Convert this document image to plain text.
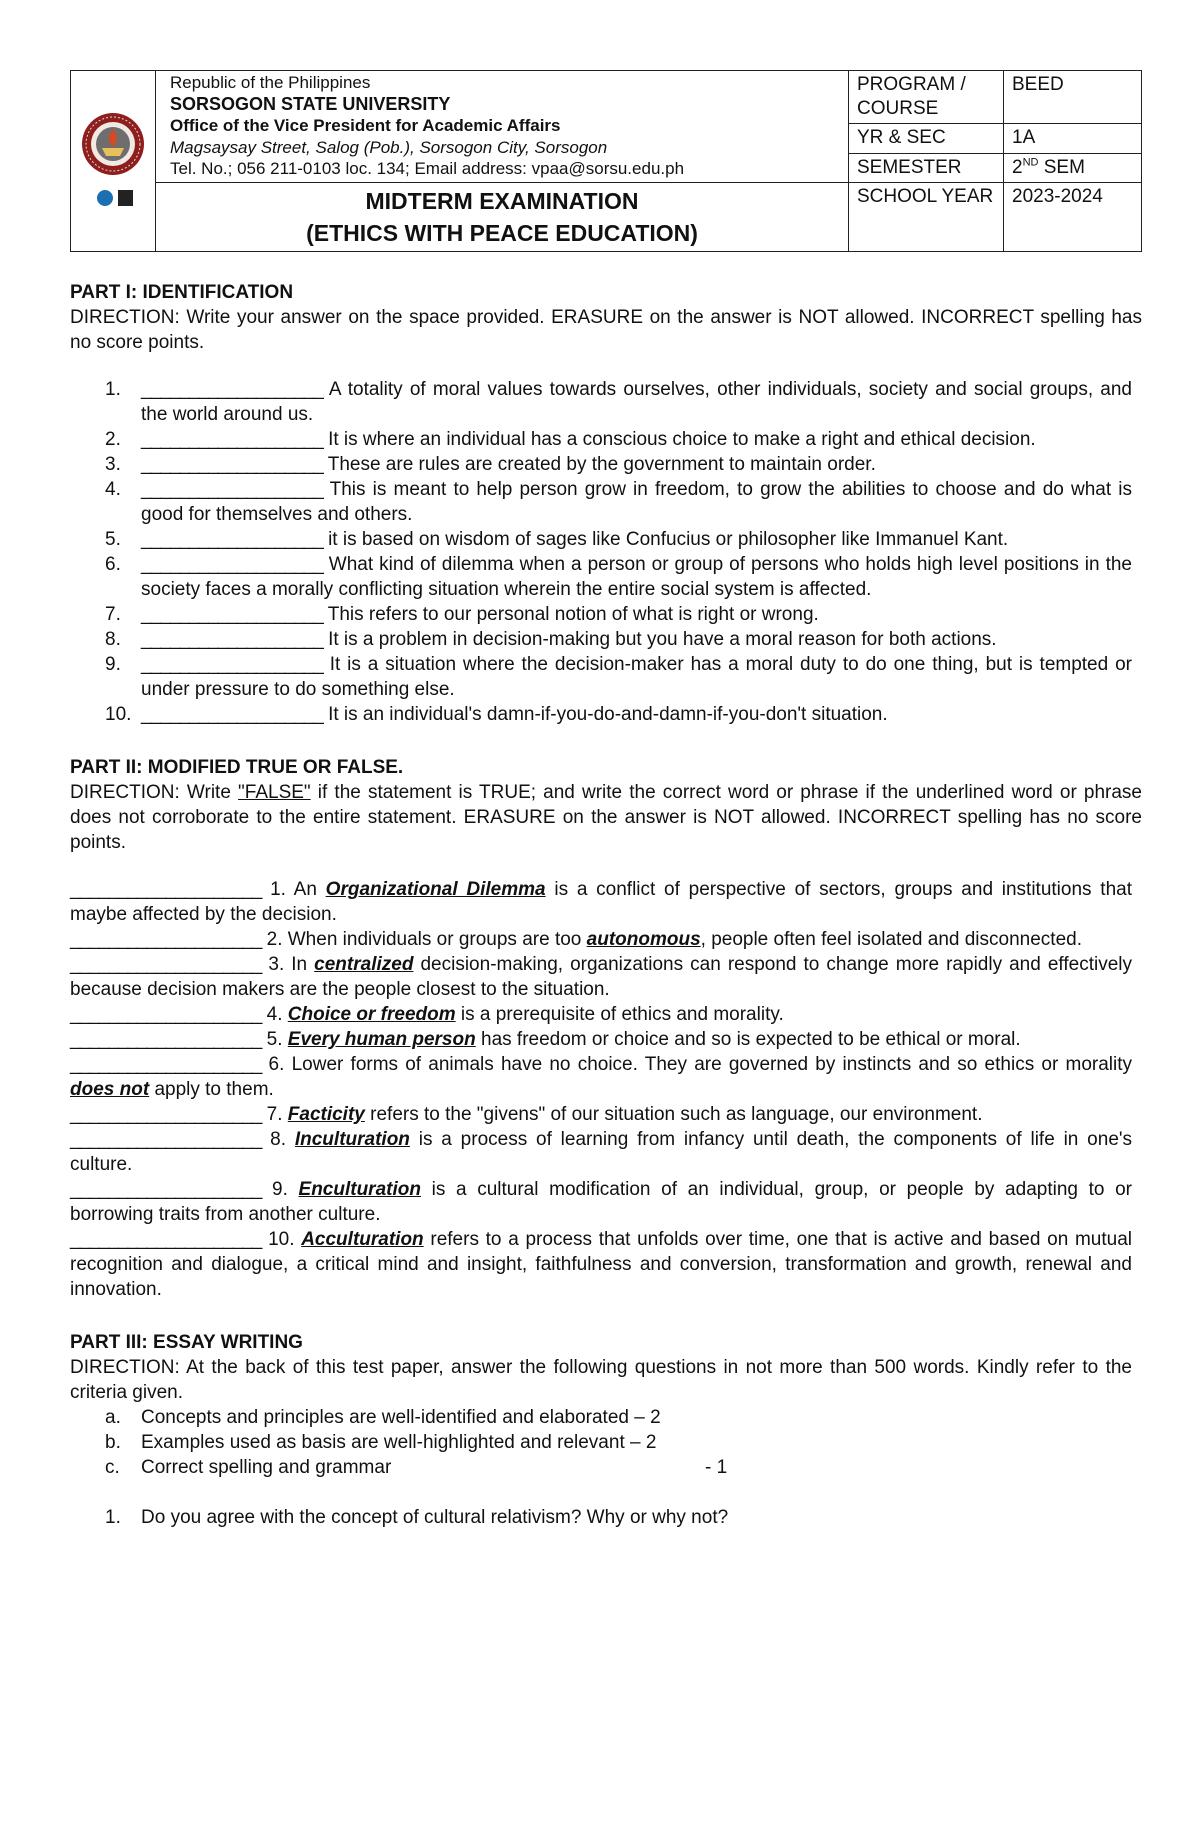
Republic of the Philippines
SORSOGON STATE UNIVERSITY
Office of the Vice President for Academic Affairs
Magsaysay Street, Salog (Pob.), Sorsogon City, Sorsogon
Tel. No.; 056 211-0103 loc. 134; Email address: vpaa@sorsu.edu.ph	PROGRAM / COURSE	BEED
		YR & SEC	1A
		SEMESTER	2ND SEM

	MIDTERM EXAMINATION
(ETHICS WITH PEACE EDUCATION)	SCHOOL YEAR	2023-2024
PART I: IDENTIFICATION
DIRECTION: Write your answer on the space provided. ERASURE on the answer is NOT allowed. INCORRECT spelling has no score points.
1. ___________________ A totality of moral values towards ourselves, other individuals, society and social groups, and the world around us.
2. ___________________ It is where an individual has a conscious choice to make a right and ethical decision.
3. ___________________ These are rules are created by the government to maintain order.
4. ___________________ This is meant to help person grow in freedom, to grow the abilities to choose and do what is good for themselves and others.
5. ___________________ it is based on wisdom of sages like Confucius or philosopher like Immanuel Kant.
6. ___________________ What kind of dilemma when a person or group of persons who holds high level positions in the society faces a morally conflicting situation wherein the entire social system is affected.
7. ___________________ This refers to our personal notion of what is right or wrong.
8. ___________________ It is a problem in decision-making but you have a moral reason for both actions.
9. ___________________ It is a situation where the decision-maker has a moral duty to do one thing, but is tempted or under pressure to do something else.
10. ___________________ It is an individual's damn-if-you-do-and-damn-if-you-don't situation.
PART II: MODIFIED TRUE OR FALSE.
DIRECTION: Write "FALSE" if the statement is TRUE; and write the correct word or phrase if the underlined word or phrase does not corroborate to the entire statement. ERASURE on the answer is NOT allowed. INCORRECT spelling has no score points.
____________________ 1. An Organizational Dilemma is a conflict of perspective of sectors, groups and institutions that maybe affected by the decision.
____________________ 2. When individuals or groups are too autonomous, people often feel isolated and disconnected.
____________________ 3. In centralized decision-making, organizations can respond to change more rapidly and effectively because decision makers are the people closest to the situation.
____________________ 4. Choice or freedom is a prerequisite of ethics and morality.
____________________ 5. Every human person has freedom or choice and so is expected to be ethical or moral.
____________________ 6. Lower forms of animals have no choice. They are governed by instincts and so ethics or morality does not apply to them.
____________________ 7. Facticity refers to the "givens" of our situation such as language, our environment.
____________________ 8. Inculturation is a process of learning from infancy until death, the components of life in one's culture.
____________________ 9. Enculturation is a cultural modification of an individual, group, or people by adapting to or borrowing traits from another culture.
____________________ 10. Acculturation refers to a process that unfolds over time, one that is active and based on mutual recognition and dialogue, a critical mind and insight, faithfulness and conversion, transformation and growth, renewal and innovation.
PART III: ESSAY WRITING
DIRECTION: At the back of this test paper, answer the following questions in not more than 500 words. Kindly refer to the criteria given.
a. Concepts and principles are well-identified and elaborated – 2
b. Examples used as basis are well-highlighted and relevant – 2
c. Correct spelling and grammar	- 1
1. Do you agree with the concept of cultural relativism? Why or why not?
